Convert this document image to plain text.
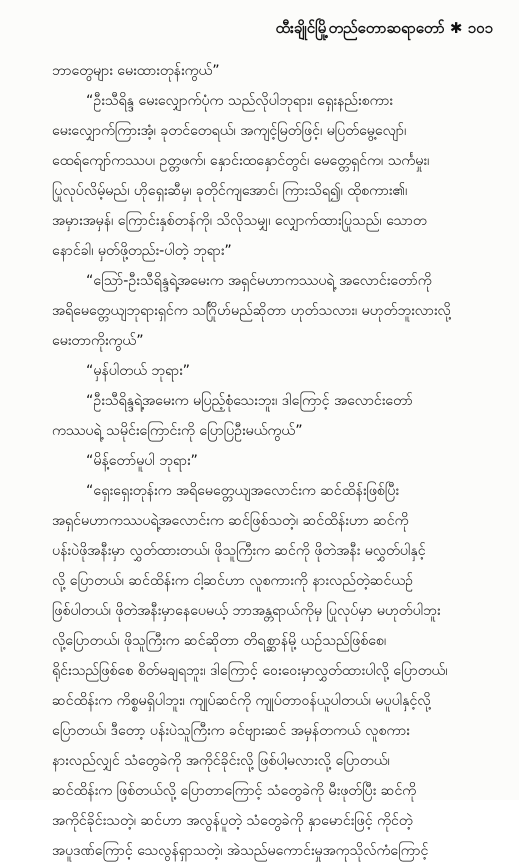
ထီးချိုင်မြို့တည်တောဆရာတော် ✱ ၁၀၁
ဘာတွေများ မေးထားတုန်းကွယ်”
“ဦးသီရိန္ဒ မေးလျှောက်ပုံက သည်လိုပါဘုရား၊ ရှေးနည်းစကား
မေးလျှောက်ကြားအံ့၊ ခုတင်တေရယ်၊ အကျင့်မြတ်ဖြင့်၊ မပြတ်မွေ့လျော်၊
ထေရ်ကျော်ကဿပ၊ ဥတ္တဖက်၊ နှောင်းထနှောင်တွင်၊ မေတ္တေရှင်က၊ သင်္ကမှုး၊
ပြုလုပ်လိမ့်မည်၊ ဟိုရှေးဆီမှ၊ ခုတိုင်ကျအောင်၊ ကြားသိရ၍၊ ထိုစကား၏၊
အမှားအမှန်၊ ကြောင်းနှစ်တန်ကို၊ သိလိုသမျှ၊ လျှောက်ထားပြုသည်၊ သောတ
နောင်ခါ၊ မှတ်ဖို့တည်း-ပါတဲ့ ဘုရား”
“သြော်-ဦးသီရိန္ဒရဲ့အမေးက အရှင်မဟာကဿပရဲ့ အလောင်းတော်ကို
အရိမေတ္တေယျဘုရားရှင်က သင်္ဂြိုဟ်မည်ဆိုတာ ဟုတ်သလား၊ မဟုတ်ဘူးလားလို့
မေးတာကိုးကွယ်”
“မှန်ပါတယ် ဘုရား”
“ဦးသီရိန္ဒရဲ့အမေးက မပြည့်စုံသေးဘူး၊ ဒါကြောင့် အလောင်းတော်
ကဿပရဲ့ သမိုင်းကြောင်းကို ပြောပြဦးမယ်ကွယ်”
“မိန့်တော်မူပါ ဘုရား”
“ရှေးရှေးတုန်းက အရိမေတ္တေယျအလောင်းက ဆင်ထိန်းဖြစ်ပြီး
အရှင်မဟာကဿပရဲ့အလောင်းက ဆင်ဖြစ်သတဲ့၊ ဆင်ထိန်းဟာ ဆင်ကို
ပန်းပဲဖိုအနီးမှာ လွှတ်ထားတယ်၊ ဖိုသူကြီးက ဆင်ကို ဖိုတဲအနီး မလွှတ်ပါနှင့်
လို့ ပြောတယ်၊ ဆင်ထိန်းက ငါ့ဆင်ဟာ လူစကားကို နားလည်တဲ့ဆင်ယဉ်
ဖြစ်ပါတယ်၊ ဖိုတဲအနီးမှာနေပေမယ့် ဘာအန္တရာယ်ကိုမှ ပြုလုပ်မှာ မဟုတ်ပါဘူး
လို့ပြောတယ်၊ ဖိုသူကြီးက ဆင်ဆိုတာ တိရစ္ဆာန်မို့ ယဉ်သည်ဖြစ်စေ၊
ရိုင်းသည်ဖြစ်စေ စိတ်မချရဘူး၊ ဒါကြောင့် ဝေးဝေးမှာလွှတ်ထားပါလို့ ပြောတယ်၊
ဆင်ထိန်းက ကိစ္စမရှိပါဘူး၊ ကျုပ်ဆင်ကို ကျုပ်တာဝန်ယူပါတယ်၊ မပူပါနှင့်လို့
ပြောတယ်၊ ဒီတော့ ပန်းပဲသူကြီးက ခင်ဗျားဆင် အမှန်တကယ် လူစကား
နားလည်လျှင် သံတွေခဲကို အကိုင်ခိုင်းလို့ ဖြစ်ပါ့မလားလို့ ပြောတယ်၊
ဆင်ထိန်းက ဖြစ်တယ်လို့ ပြောတာကြောင့် သံတွေခဲကို မီးဖုတ်ပြီး ဆင်ကို
အကိုင်ခိုင်းသတဲ့၊ ဆင်ဟာ အလွန်ပူတဲ့ သံတွေခဲကို နှာမောင်းဖြင့် ကိုင်တဲ့
အပူဒဏ်ကြောင့် သေလွန်ရှာသတဲ့၊ အဲသည်မကောင်းမှုအကုသိုလ်ကံကြောင့်
